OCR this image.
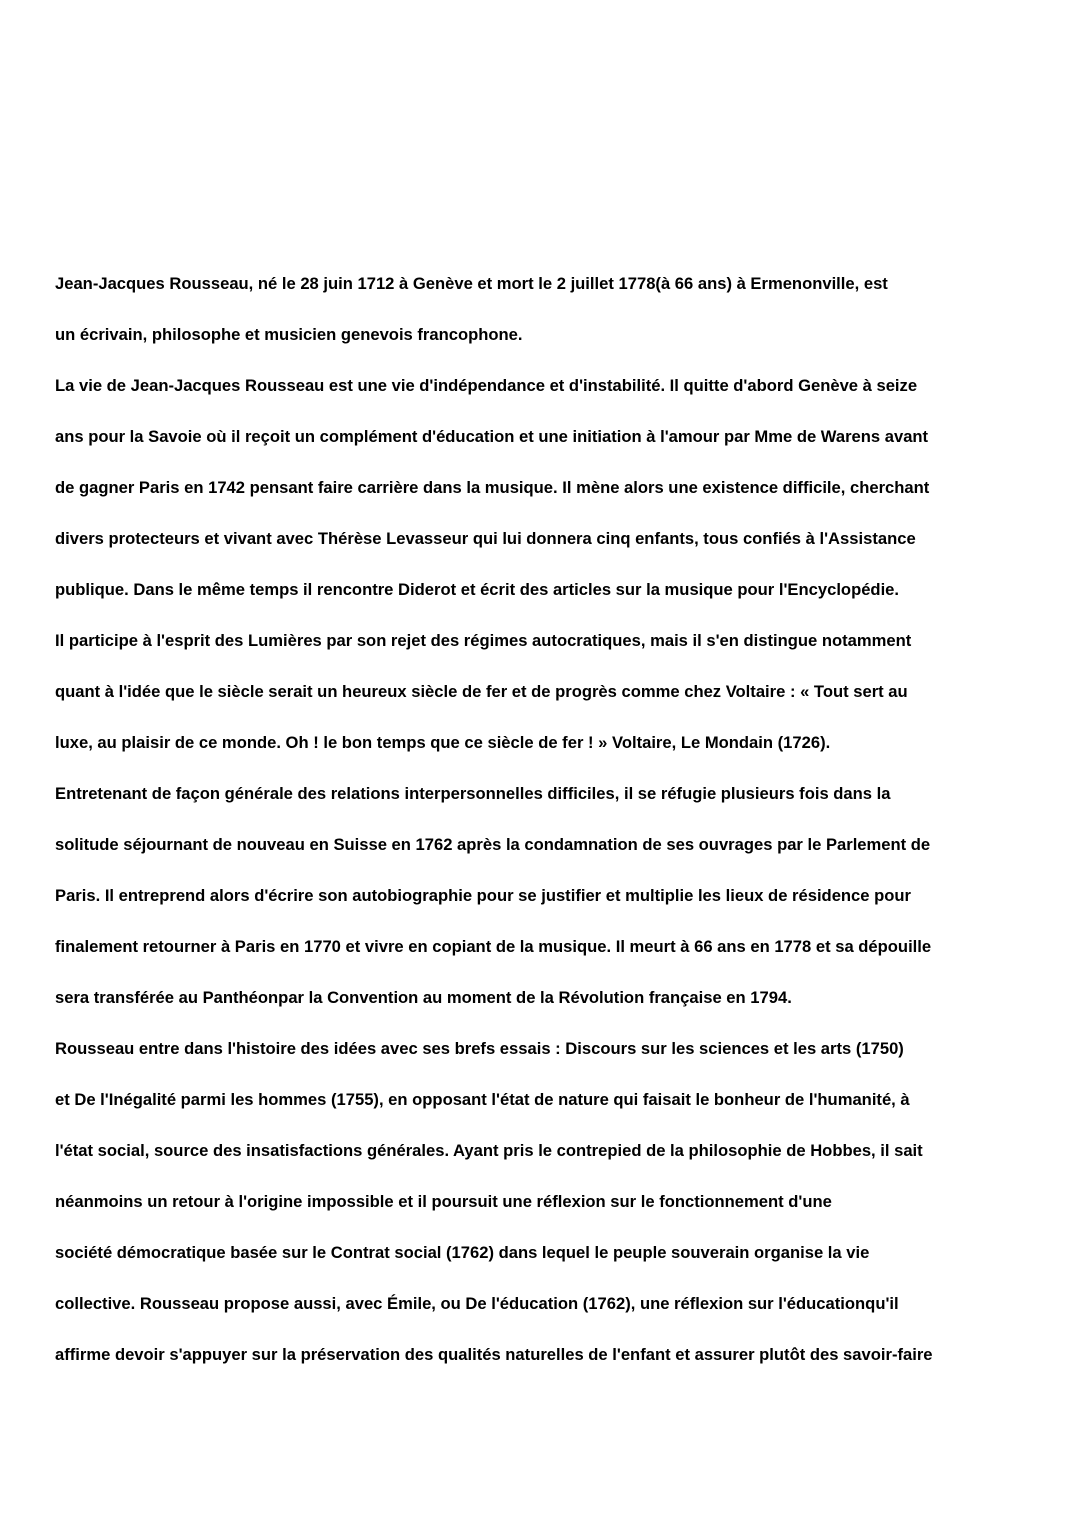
Jean-Jacques Rousseau, né le 28 juin 1712 à Genève et mort le 2 juillet 1778(à 66 ans) à Ermenonville, est
un écrivain, philosophe et musicien genevois francophone.
La vie de Jean-Jacques Rousseau est une vie d'indépendance et d'instabilité. Il quitte d'abord Genève à seize
ans pour la Savoie où il reçoit un complément d'éducation et une initiation à l'amour par Mme de Warens avant
de gagner Paris en 1742 pensant faire carrière dans la musique. Il mène alors une existence difficile, cherchant
divers protecteurs et vivant avec Thérèse Levasseur qui lui donnera cinq enfants, tous confiés à l'Assistance
publique. Dans le même temps il rencontre Diderot et écrit des articles sur la musique pour l'Encyclopédie.
Il participe à l'esprit des Lumières par son rejet des régimes autocratiques, mais il s'en distingue notamment
quant à l'idée que le siècle serait un heureux siècle de fer et de progrès comme chez Voltaire : « Tout sert au
luxe, au plaisir de ce monde. Oh ! le bon temps que ce siècle de fer ! » Voltaire, Le Mondain (1726).
Entretenant de façon générale des relations interpersonnelles difficiles, il se réfugie plusieurs fois dans la
solitude séjournant de nouveau en Suisse en 1762 après la condamnation de ses ouvrages par le Parlement de
Paris. Il entreprend alors d'écrire son autobiographie pour se justifier et multiplie les lieux de résidence pour
finalement retourner à Paris en 1770 et vivre en copiant de la musique. Il meurt à 66 ans en 1778 et sa dépouille
sera transférée au Panthéonpar la Convention au moment de la Révolution française en 1794.
Rousseau entre dans l'histoire des idées avec ses brefs essais : Discours sur les sciences et les arts (1750)
et De l'Inégalité parmi les hommes (1755), en opposant l'état de nature qui faisait le bonheur de l'humanité, à
l'état social, source des insatisfactions générales. Ayant pris le contrepied de la philosophie de Hobbes, il sait
néanmoins un retour à l'origine impossible et il poursuit une réflexion sur le fonctionnement d'une
société démocratique basée sur le Contrat social (1762) dans lequel le peuple souverain organise la vie
collective. Rousseau propose aussi, avec Émile, ou De l'éducation (1762), une réflexion sur l'éducationqu'il
affirme devoir s'appuyer sur la préservation des qualités naturelles de l'enfant et assurer plutôt des savoir-faire
